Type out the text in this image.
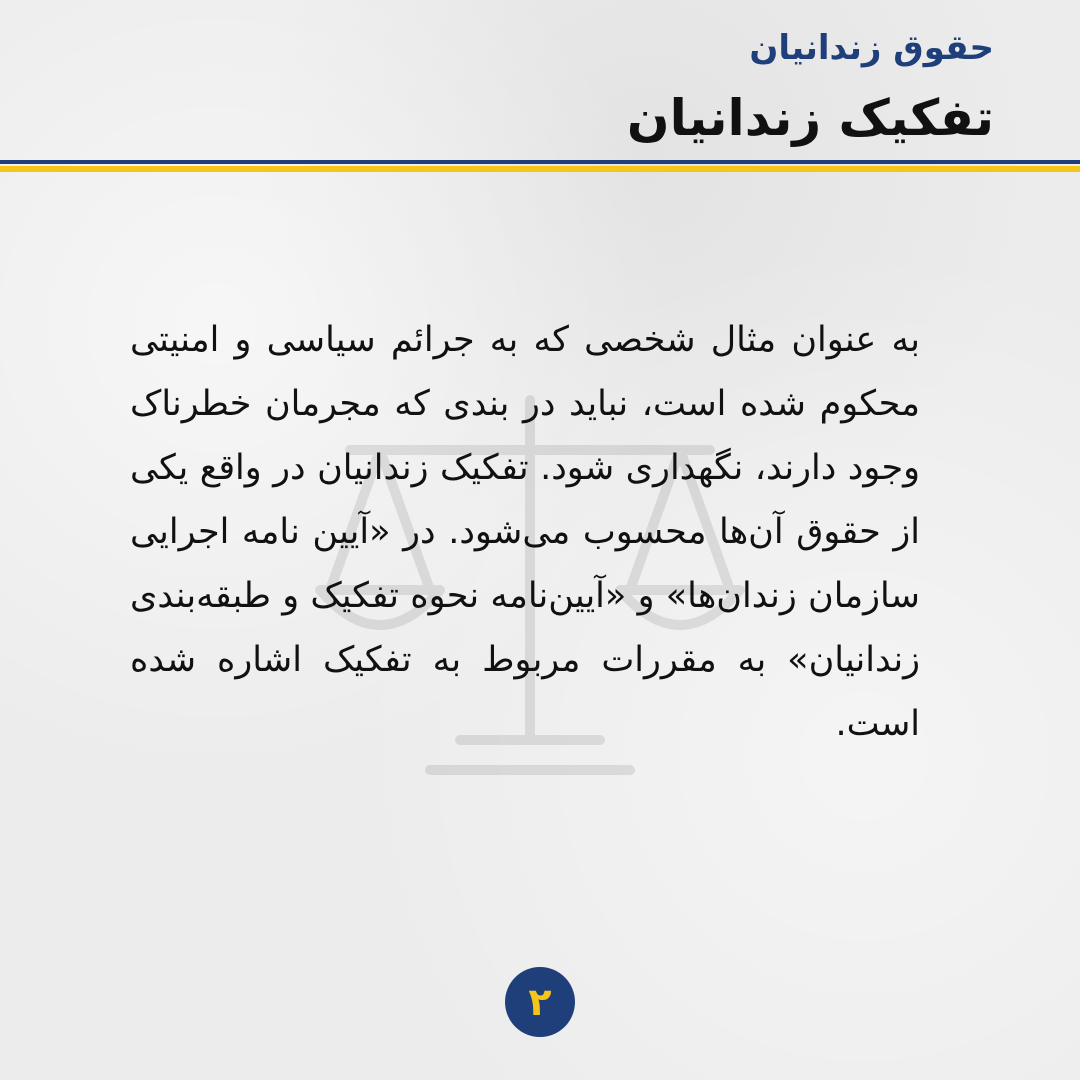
حقوق زندانیان
تفکیک زندانیان

به عنوان مثال شخصی که به جرائم سیاسی و امنیتی محکوم شده است، نباید در بندی که مجرمان خطرناک وجود دارند، نگهداری شود. تفکیک زندانیان در واقع یکی از حقوق آن‌ها محسوب می‌شود. در «آیین نامه اجرایی سازمان زندان‌ها» و «آیین‌نامه نحوه تفکیک و طبقه‌بندی زندانیان» به مقررات مربوط به تفکیک اشاره شده است.

۲
